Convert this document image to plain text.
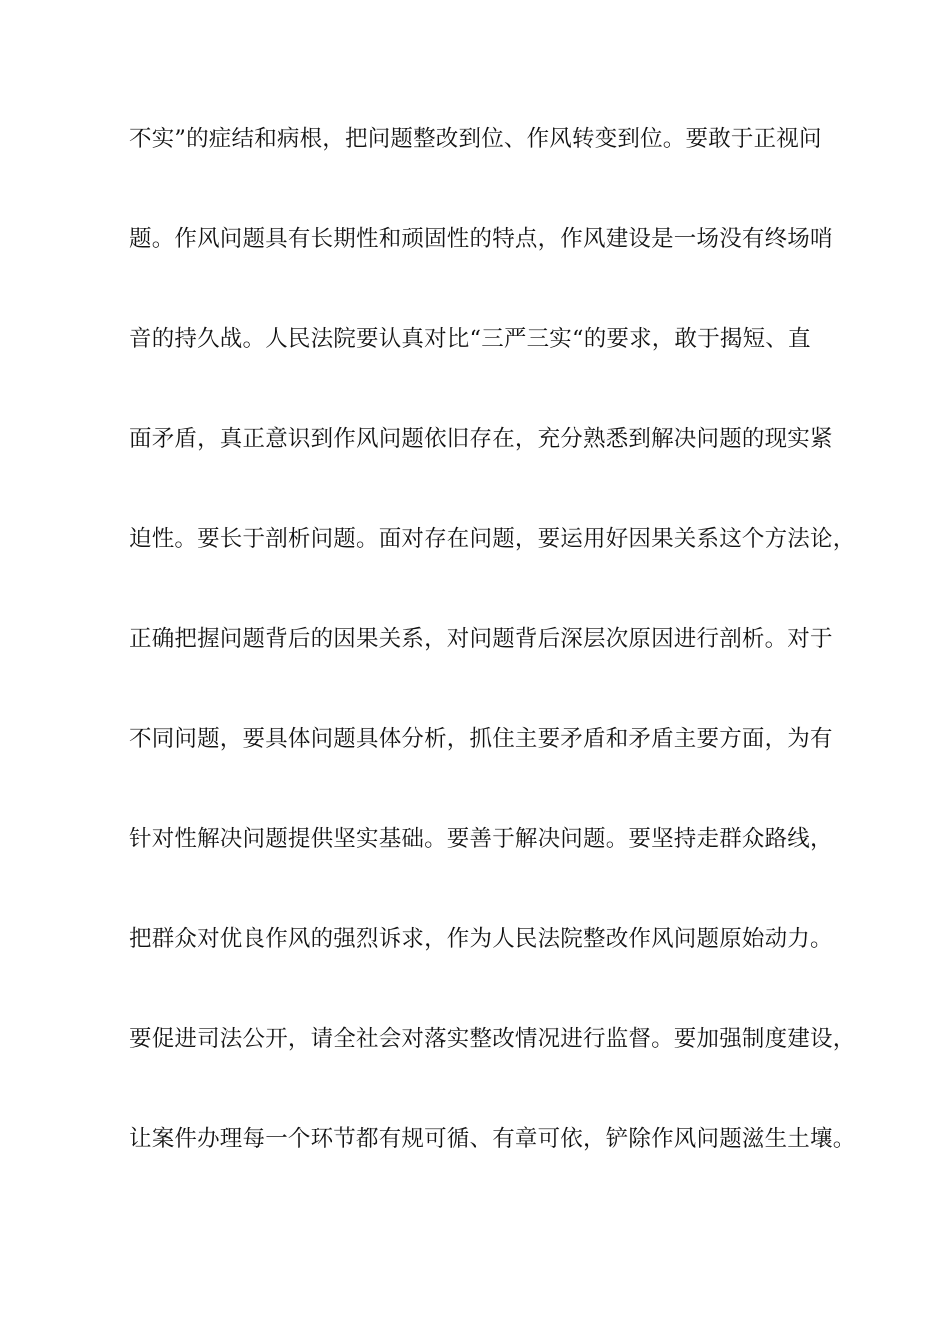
不实”的症结和病根，把问题整改到位、作风转变到位。要敢于正视问
题。作风问题具有长期性和顽固性的特点，作风建设是一场没有终场哨
音的持久战。人民法院要认真对比“三严三实“的要求，敢于揭短、直
面矛盾，真正意识到作风问题依旧存在，充分熟悉到解决问题的现实紧
迫性。要长于剖析问题。面对存在问题，要运用好因果关系这个方法论，
正确把握问题背后的因果关系，对问题背后深层次原因进行剖析。对于
不同问题，要具体问题具体分析，抓住主要矛盾和矛盾主要方面，为有
针对性解决问题提供坚实基础。要善于解决问题。要坚持走群众路线，
把群众对优良作风的强烈诉求，作为人民法院整改作风问题原始动力。
要促进司法公开，请全社会对落实整改情况进行监督。要加强制度建设，
让案件办理每一个环节都有规可循、有章可依，铲除作风问题滋生土壤。
